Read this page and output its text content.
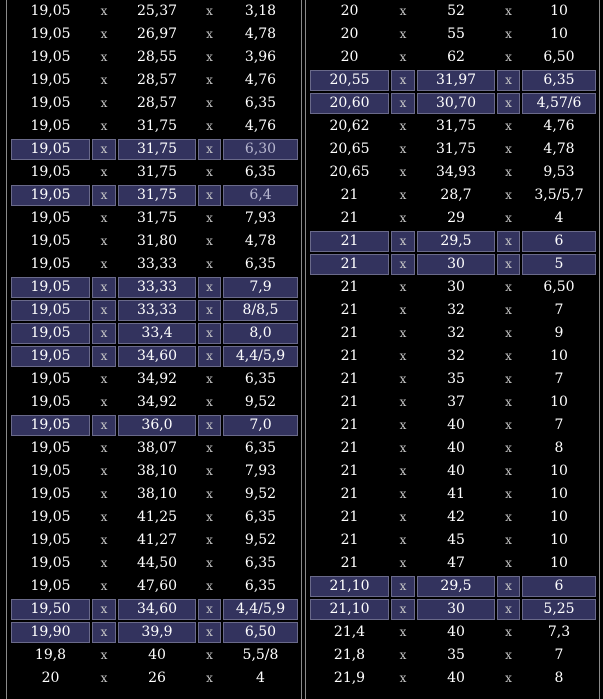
19,05	x	25,37	x	3,18
19,05	x	26,97	x	4,78
19,05	x	28,55	x	3,96
19,05	x	28,57	x	4,76
19,05	x	28,57	x	6,35
19,05	x	31,75	x	4,76
19,05	x	31,75	x	6,30
19,05	x	31,75	x	6,35
19,05	x	31,75	x	6,4
19,05	x	31,75	x	7,93
19,05	x	31,80	x	4,78
19,05	x	33,33	x	6,35
19,05	x	33,33	x	7,9
19,05	x	33,33	x	8/8,5
19,05	x	33,4	x	8,0
19,05	x	34,60	x	4,4/5,9
19,05	x	34,92	x	6,35
19,05	x	34,92	x	9,52
19,05	x	36,0	x	7,0
19,05	x	38,07	x	6,35
19,05	x	38,10	x	7,93
19,05	x	38,10	x	9,52
19,05	x	41,25	x	6,35
19,05	x	41,27	x	9,52
19,05	x	44,50	x	6,35
19,05	x	47,60	x	6,35
19,50	x	34,60	x	4,4/5,9
19,90	x	39,9	x	6,50
19,8	x	40	x	5,5/8
20	x	26	x	4
20	x	52	x	10
20	x	55	x	10
20	x	62	x	6,50
20,55	x	31,97	x	6,35
20,60	x	30,70	x	4,57/6
20,62	x	31,75	x	4,76
20,65	x	31,75	x	4,78
20,65	x	34,93	x	9,53
21	x	28,7	x	3,5/5,7
21	x	29	x	4
21	x	29,5	x	6
21	x	30	x	5
21	x	30	x	6,50
21	x	32	x	7
21	x	32	x	9
21	x	32	x	10
21	x	35	x	7
21	x	37	x	10
21	x	40	x	7
21	x	40	x	8
21	x	40	x	10
21	x	41	x	10
21	x	42	x	10
21	x	45	x	10
21	x	47	x	10
21,10	x	29,5	x	6
21,10	x	30	x	5,25
21,4	x	40	x	7,3
21,8	x	35	x	7
21,9	x	40	x	8
